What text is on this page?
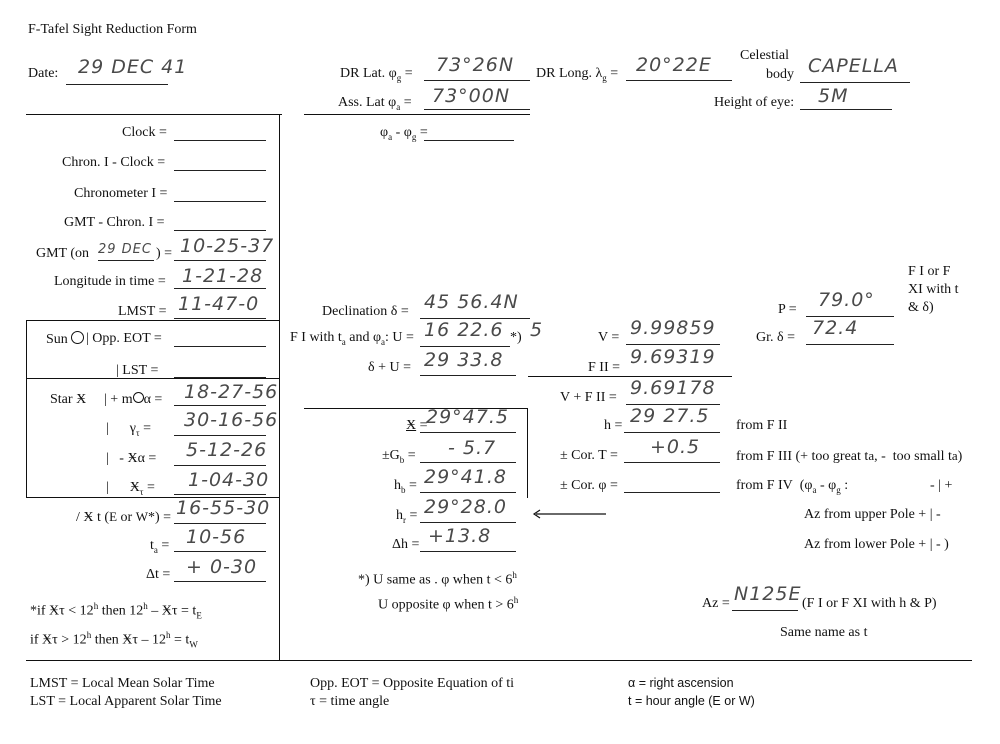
F-Tafel Sight Reduction Form
Date: 29 DEC 41	DR Lat. $\varphi_g = 73^\circ 26N$ DR Long. $\lambda_g = 20^\circ 22E$ Celestial
body CAPELLA
Ass. Lat $\varphi_a = 73^\circ 00N$	Height of eye: 5M
$\varphi_a - \varphi_g$ =
Clock =
Chron. I - Clock =
Chronometer I =
GMT - Chron. I =
GMT (on 29 DEC ) = 10-25-37
Longitude in time = 1-21-28
LMST = 11-47-0
Sun	| Opp. EOT =
| LST =
Star Ӿ | + m α = 18-27-56
|      $\gamma_\tau = 30-16-56$
|   - Ӿα = 5-12-26
|      $Ӿ_\tau = 1-04-30$
/ Ӿ t (E or W*) = 16-55-30
$t_a = 10-56$
Δt = + 0-30
*if $Ӿ\tau < 12^h$ then $12^h - Ӿ\tau = t_E$
if $Ӿ\tau > 12^h$ then $Ӿ\tau - 12^h = t_W$
Declination δ = 45 56.4N
F I with $t_a$ and $\varphi_a$: U = 16 22.6 *) 5
δ + U = 29 33.8
Ӿ =
29°47.5
$\pm G_b$ = - 5.7
$h_b = 29^\circ 41.8$
$h_r = 29^\circ 28.0$
Δh = +13.8
*) U same as . φ when $t < 6^h$
U opposite φ when $t > 6^h$
F I or F
XI with t
& δ)
P = 79.0°
V = 9.99859	Gr. δ = 72.4
F II = 9.69319
V + F II = 9.69178
h = 29 27.5 from F II
± Cor. T = +0.5	from F III (+ too great ta, -  too small ta)
± Cor. φ =	from F IV  ($\varphi_a - \varphi_g$ :	- | +
Az from upper Pole + | -
Az from lower Pole + | - )
Az = N125E (F I or F XI with h & P)
Same name as t
LMST = Local Mean Solar Time
LST = Local Apparent Solar Time
Opp. EOT = Opposite Equation of ti
τ = time angle
α = right ascension
t = hour angle (E or W)
